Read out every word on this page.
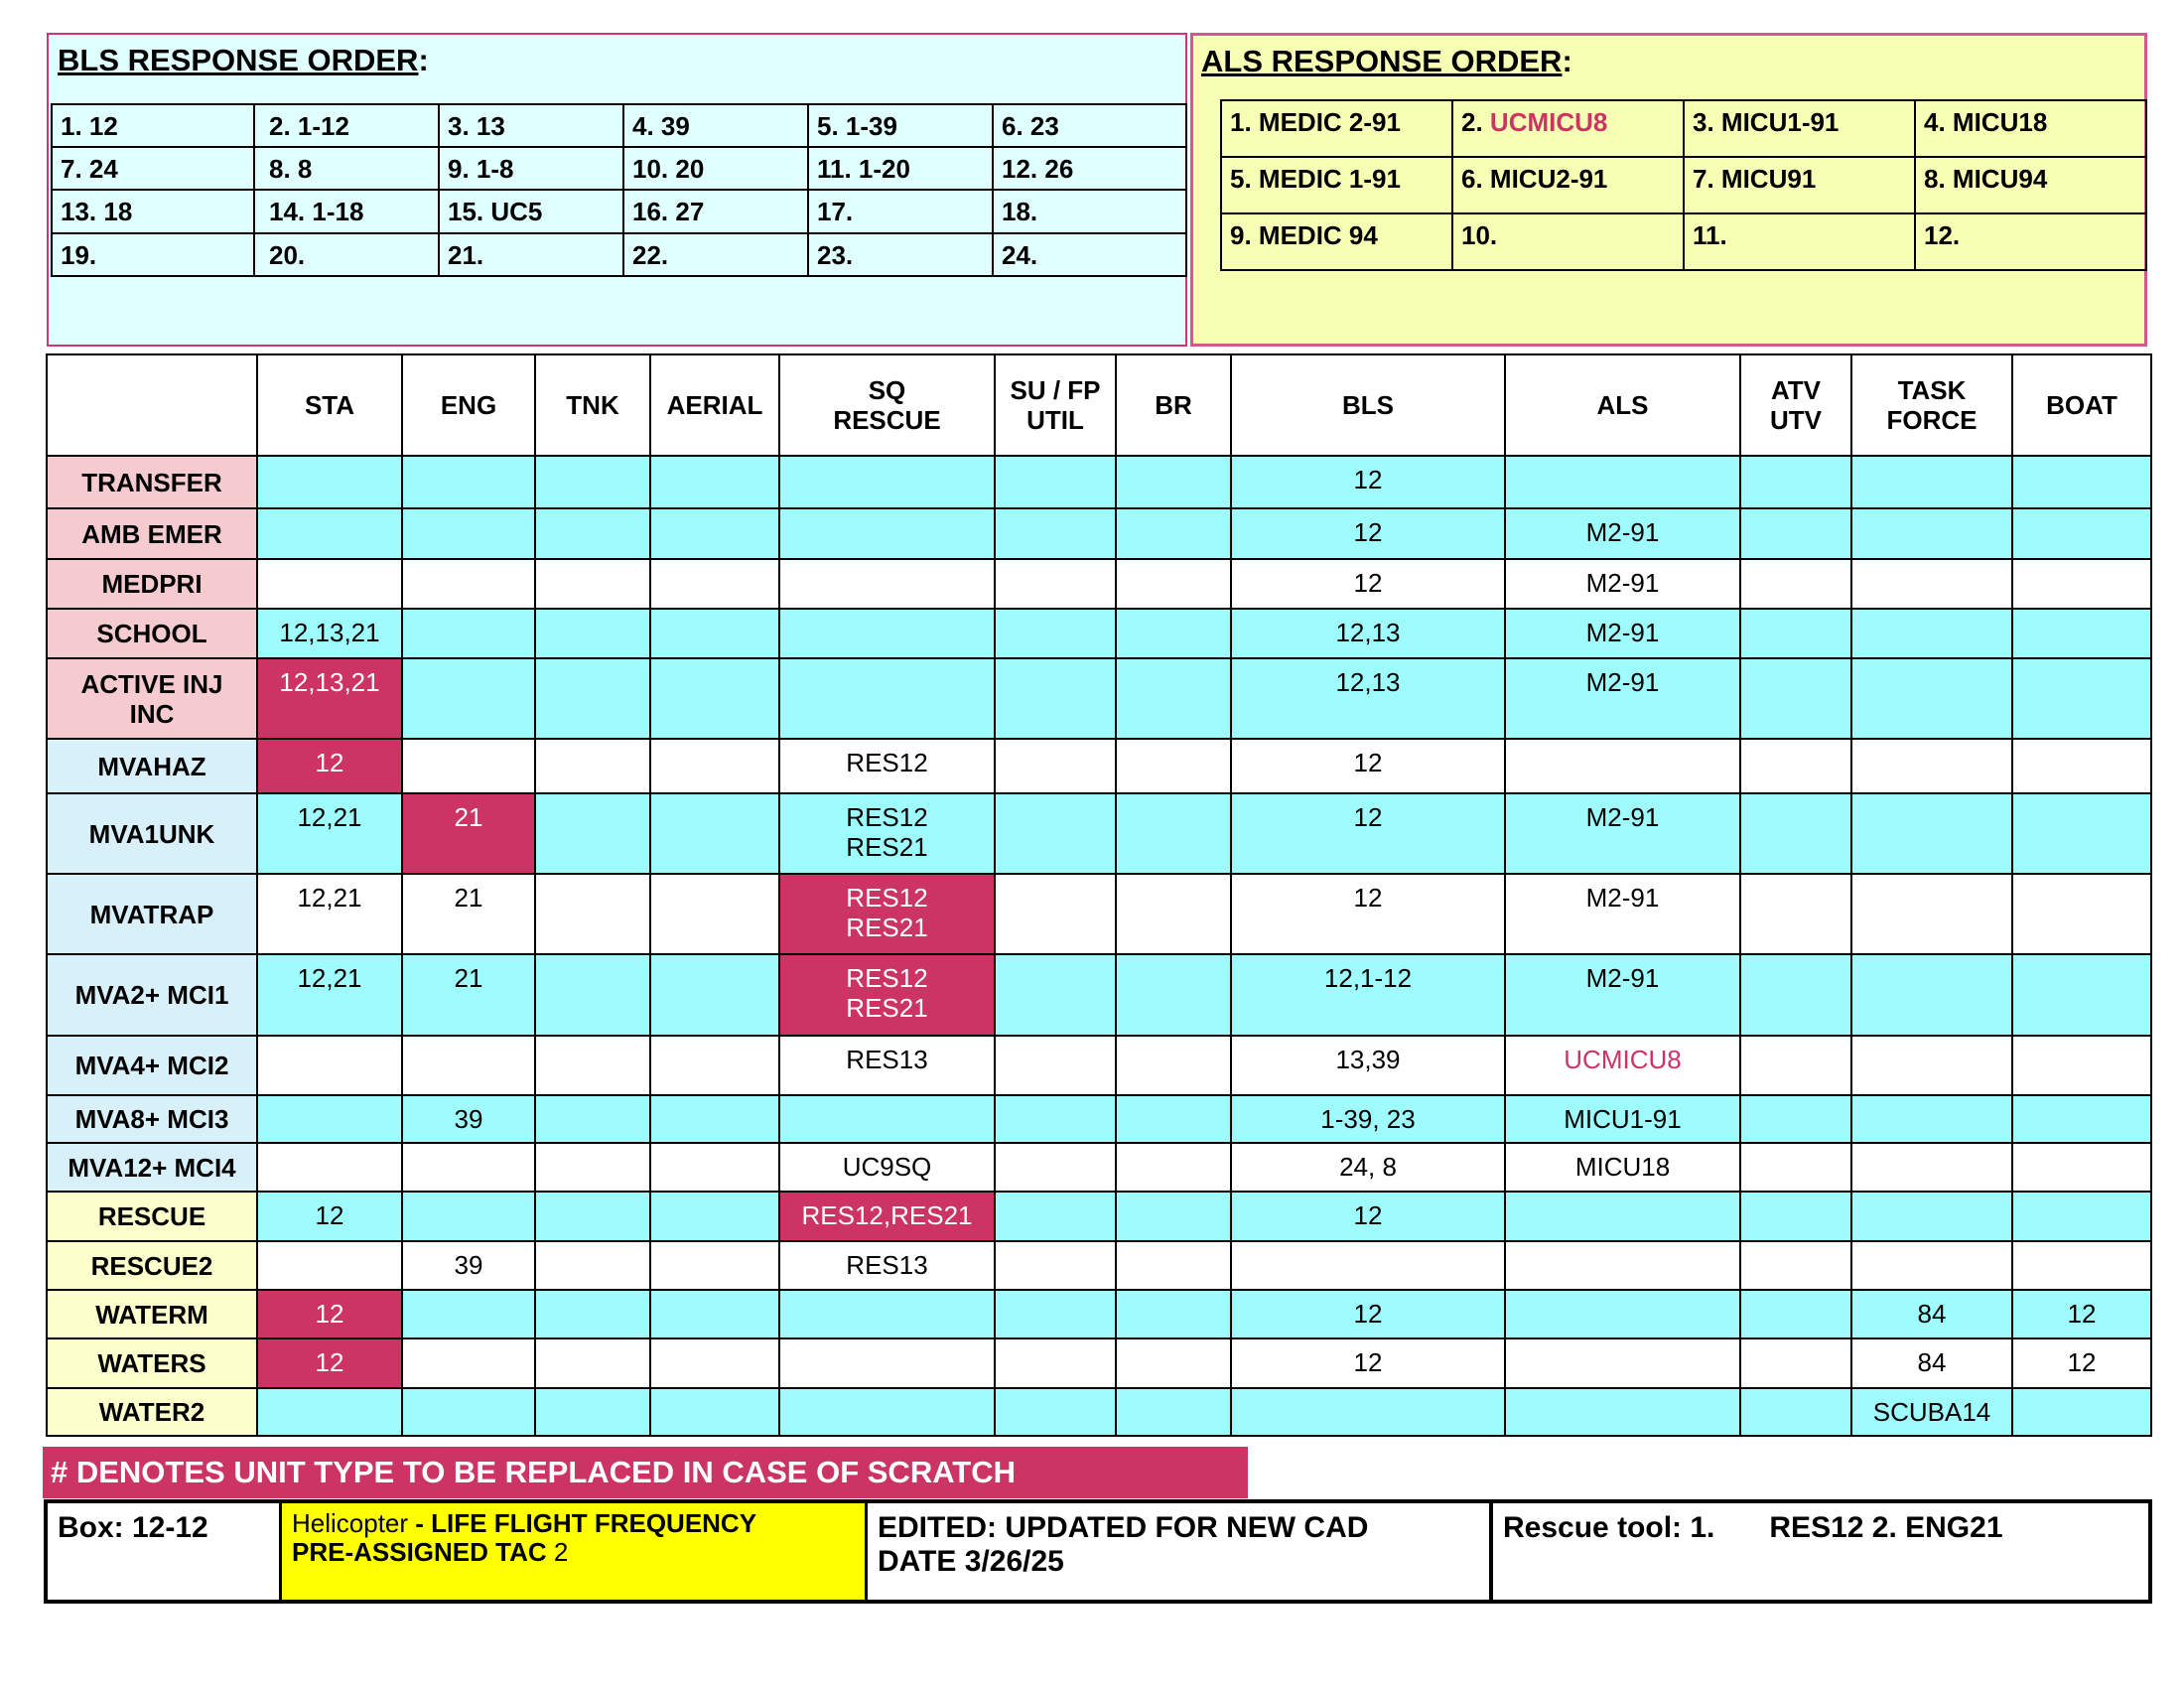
BLS RESPONSE ORDER:
1. 12	2. 1-12	3. 13	4. 39	5. 1-39	6. 23
7. 24	8. 8	9. 1-8	10. 20	11. 1-20	12. 26
13. 18	14. 1-18	15. UC5	16. 27	17.	18.
19.	20.	21.	22.	23.	24.
ALS RESPONSE ORDER:
1. MEDIC 2-91	2. UCMICU8	3. MICU1-91	4. MICU18
5. MEDIC 1-91	6. MICU2-91	7. MICU91	8. MICU94
9. MEDIC 94	10.	11.	12.
	STA	ENG	TNK	AERIAL	SQ
RESCUE	SU / FP
UTIL	BR	BLS	ALS	ATV
UTV	TASK
FORCE	BOAT
TRANSFER								12				
AMB EMER								12	M2-91			
MEDPRI								12	M2-91			
SCHOOL	12,13,21							12,13	M2-91			
ACTIVE INJ
INC	12,13,21							12,13	M2-91			
MVAHAZ	12				RES12			12				
MVA1UNK	12,21	21			RES12
RES21			12	M2-91			
MVATRAP	12,21	21			RES12
RES21			12	M2-91			
MVA2+ MCI1	12,21	21			RES12
RES21			12,1-12	M2-91			
MVA4+ MCI2					RES13			13,39	UCMICU8			
MVA8+ MCI3		39						1-39, 23	MICU1-91			
MVA12+ MCI4					UC9SQ			24, 8	MICU18			
RESCUE	12				RES12,RES21			12				
RESCUE2		39			RES13							
WATERM	12							12			84	12
WATERS	12							12			84	12
WATER2											SCUBA14	
# DENOTES UNIT TYPE TO BE REPLACED IN CASE OF SCRATCH
Box: 12-12	Helicopter - LIFE FLIGHT FREQUENCY
PRE-ASSIGNED TAC 2
EDITED: UPDATED FOR NEW CAD
DATE 3/26/25
Rescue tool: 1. RES12 2. ENG21
